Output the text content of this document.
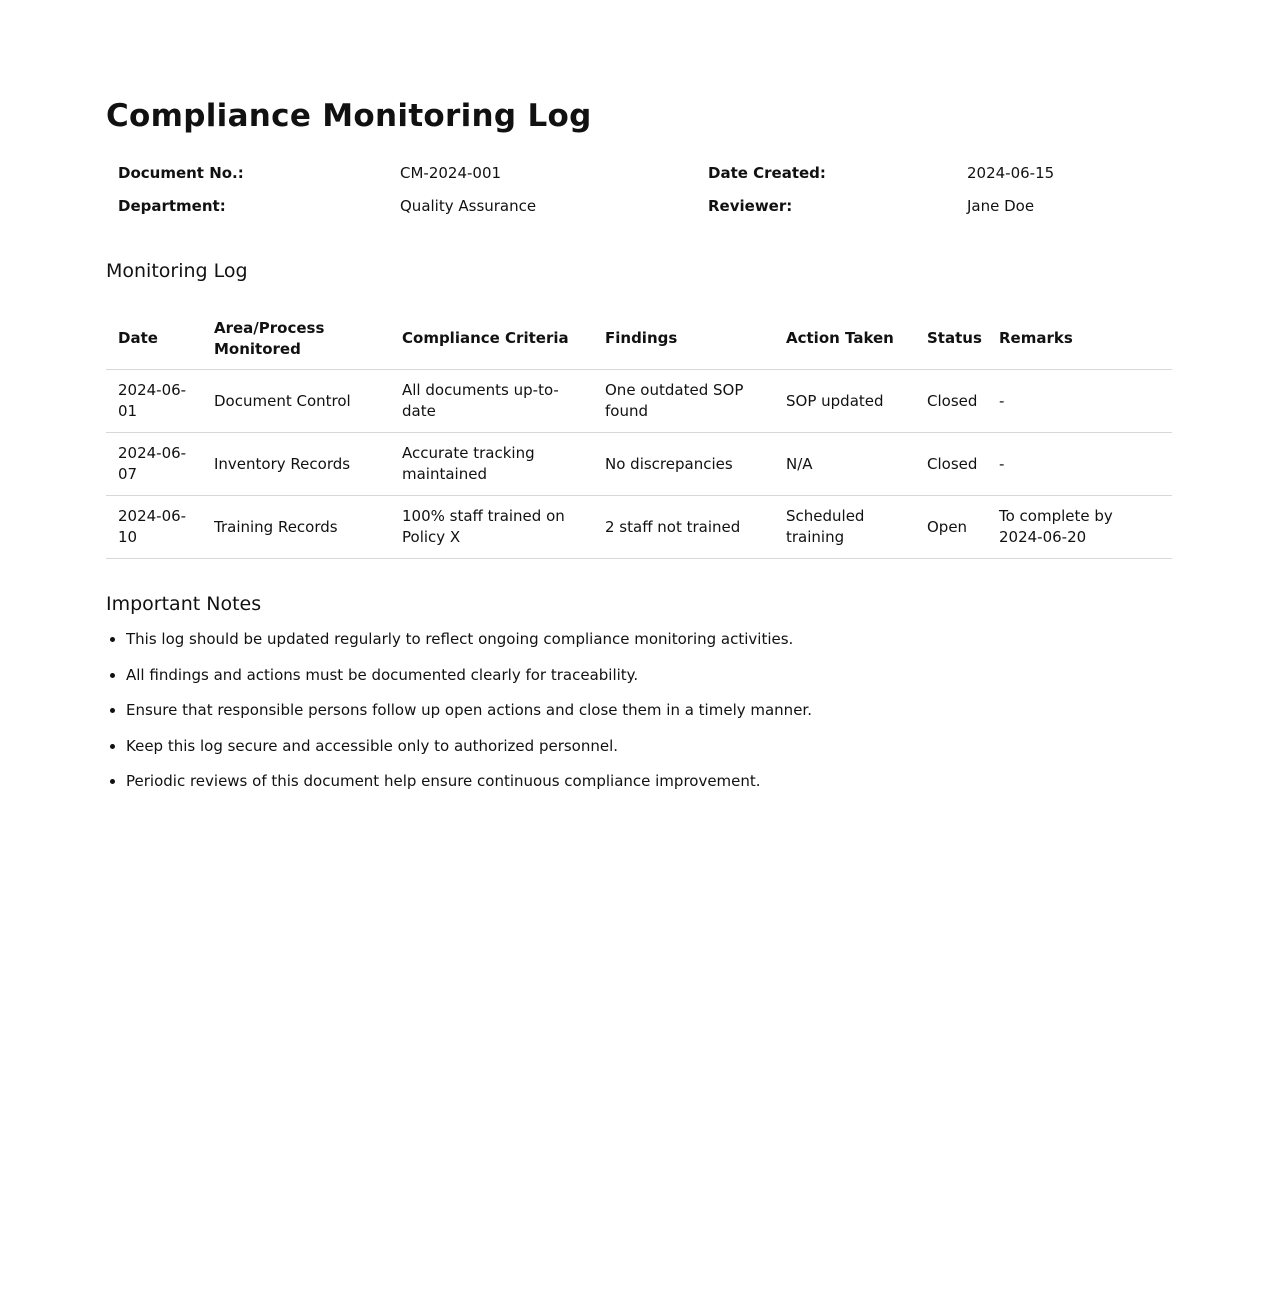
Compliance Monitoring Log
Document No.:	CM-2024-001	Date Created:	2024-06-15
Department:	Quality Assurance	Reviewer:	Jane Doe
Monitoring Log
Date	Area/Process Monitored	Compliance Criteria	Findings	Action Taken	Status	Remarks
2024-06-01	Document Control	All documents up-to-date	One outdated SOP found	SOP updated	Closed	-
2024-06-07	Inventory Records	Accurate tracking maintained	No discrepancies	N/A	Closed	-
2024-06-10	Training Records	100% staff trained on Policy X	2 staff not trained	Scheduled training	Open	To complete by 2024-06-20
Important Notes
• This log should be updated regularly to reflect ongoing compliance monitoring activities.
• All findings and actions must be documented clearly for traceability.
• Ensure that responsible persons follow up open actions and close them in a timely manner.
• Keep this log secure and accessible only to authorized personnel.
• Periodic reviews of this document help ensure continuous compliance improvement.
